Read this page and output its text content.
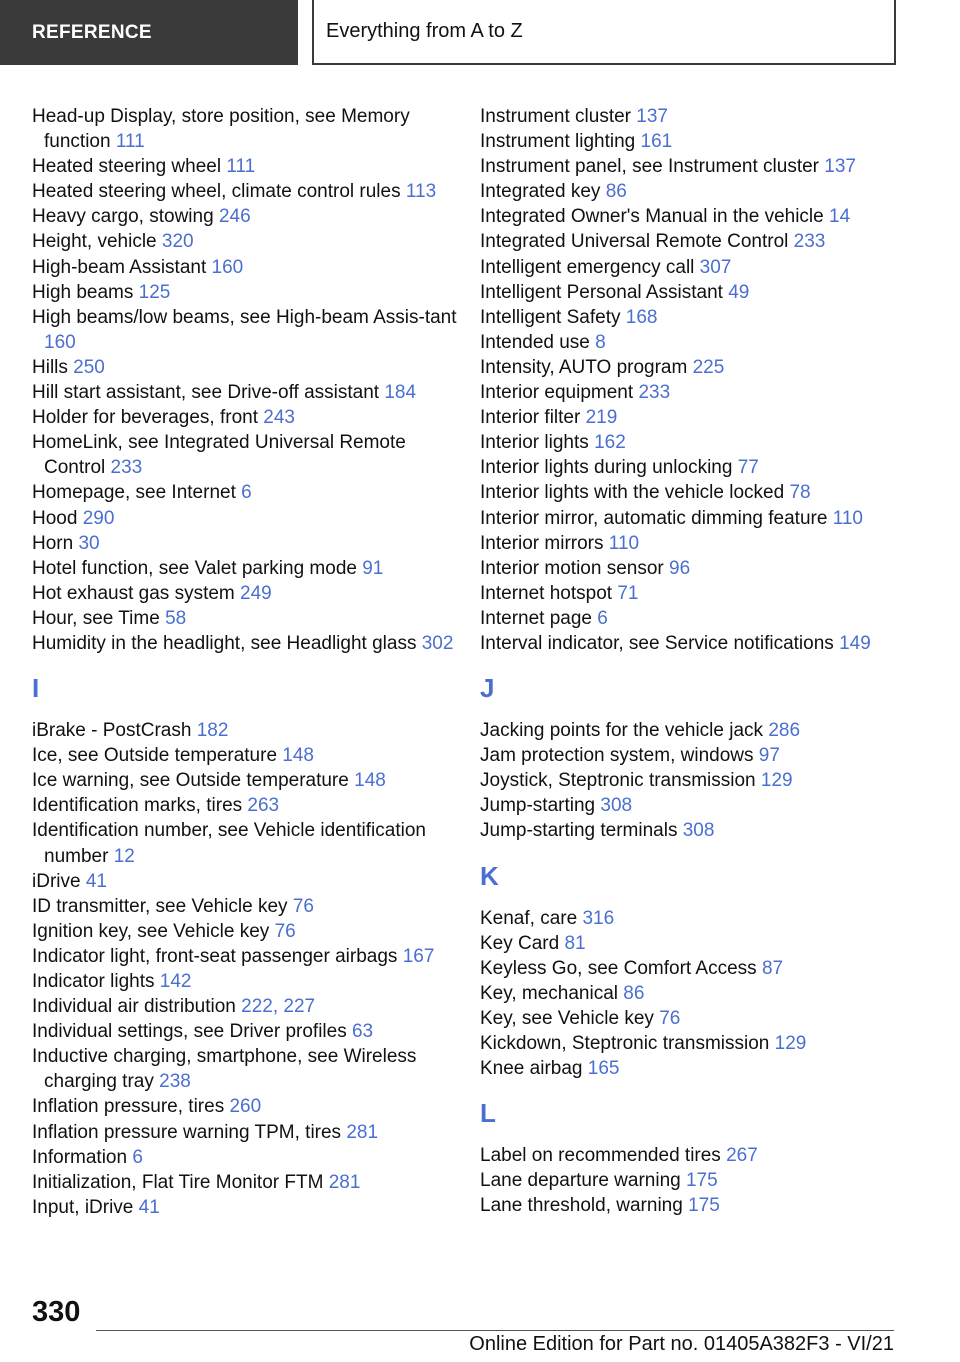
REFERENCE	Everything from A to Z

Head-up Display, store position, see Memory function 111

Heated steering wheel 111

Heated steering wheel, climate control rules 113

Heavy cargo, stowing 246

Height, vehicle 320

High-beam Assistant 160

High beams 125

High beams/low beams, see High-beam Assis-tant 160

Hills 250

Hill start assistant, see Drive-off assistant 184

Holder for beverages, front 243

HomeLink, see Integrated Universal Remote Control 233

Homepage, see Internet 6

Hood 290

Horn 30

Hotel function, see Valet parking mode 91

Hot exhaust gas system 249

Hour, see Time 58

Humidity in the headlight, see Headlight glass 302

I

iBrake - PostCrash 182

Ice, see Outside temperature 148

Ice warning, see Outside temperature 148

Identification marks, tires 263

Identification number, see Vehicle identification number 12

iDrive 41

ID transmitter, see Vehicle key 76

Ignition key, see Vehicle key 76

Indicator light, front-seat passenger airbags 167

Indicator lights 142

Individual air distribution 222, 227

Individual settings, see Driver profiles 63

Inductive charging, smartphone, see Wireless charging tray 238

Inflation pressure, tires 260

Inflation pressure warning TPM, tires 281

Information 6

Initialization, Flat Tire Monitor FTM 281

Input, iDrive 41

Instrument cluster 137

Instrument lighting 161

Instrument panel, see Instrument cluster 137

Integrated key 86

Integrated Owner's Manual in the vehicle 14

Integrated Universal Remote Control 233

Intelligent emergency call 307

Intelligent Personal Assistant 49

Intelligent Safety 168

Intended use 8

Intensity, AUTO program 225

Interior equipment 233

Interior filter 219

Interior lights 162

Interior lights during unlocking 77

Interior lights with the vehicle locked 78

Interior mirror, automatic dimming feature 110

Interior mirrors 110

Interior motion sensor 96

Internet hotspot 71

Internet page 6

Interval indicator, see Service notifications 149

J

Jacking points for the vehicle jack 286

Jam protection system, windows 97

Joystick, Steptronic transmission 129

Jump-starting 308

Jump-starting terminals 308

K

Kenaf, care 316

Key Card 81

Keyless Go, see Comfort Access 87

Key, mechanical 86

Key, see Vehicle key 76

Kickdown, Steptronic transmission 129

Knee airbag 165

L

Label on recommended tires 267

Lane departure warning 175

Lane threshold, warning 175

330
Online Edition for Part no. 01405A382F3 - VI/21
